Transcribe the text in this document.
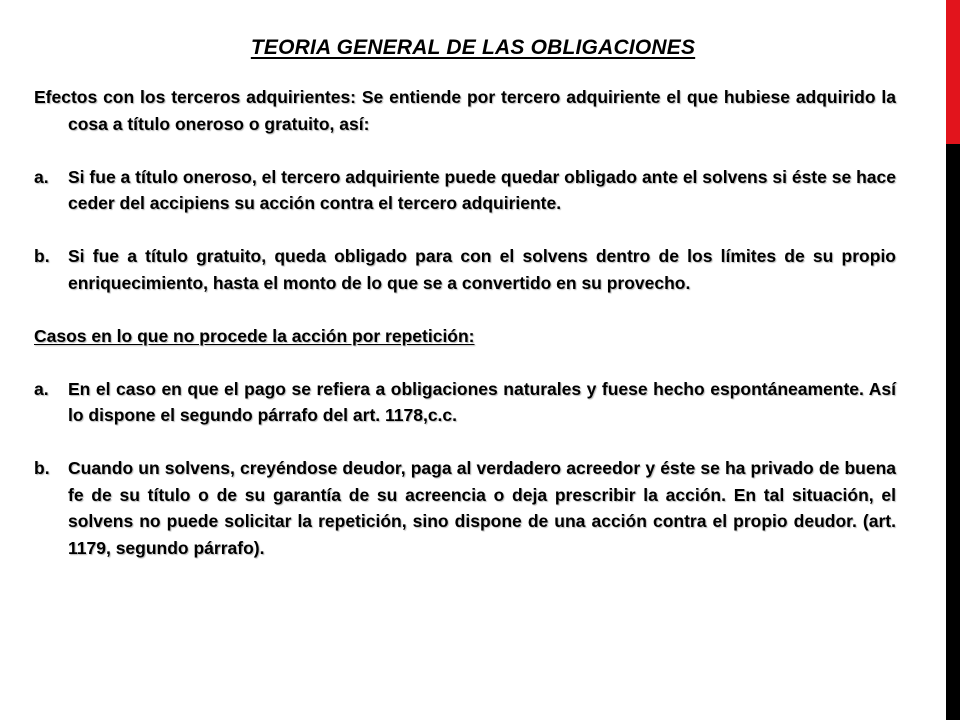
TEORIA GENERAL DE LAS OBLIGACIONES

Efectos con los terceros adquirientes: Se entiende por tercero adquiriente el que hubiese adquirido la cosa a título oneroso o gratuito, así:

a. Si fue a título oneroso, el tercero adquiriente puede quedar obligado ante el solvens si éste se hace ceder del accipiens su acción contra el tercero adquiriente.
b. Si fue a título gratuito, queda obligado para con el solvens dentro de los límites de su propio enriquecimiento, hasta el monto de lo que se a convertido en su provecho.

Casos en lo que no procede la acción por repetición:

a. En el caso en que el pago se refiera a obligaciones naturales y fuese hecho espontáneamente. Así lo dispone el segundo párrafo del art. 1178,c.c.
b. Cuando un solvens, creyéndose deudor, paga al verdadero acreedor y éste se ha privado de buena fe de su título o de su garantía de su acreencia o deja prescribir la acción. En tal situación, el solvens no puede solicitar la repetición, sino dispone de una acción contra el propio deudor. (art. 1179, segundo párrafo).
